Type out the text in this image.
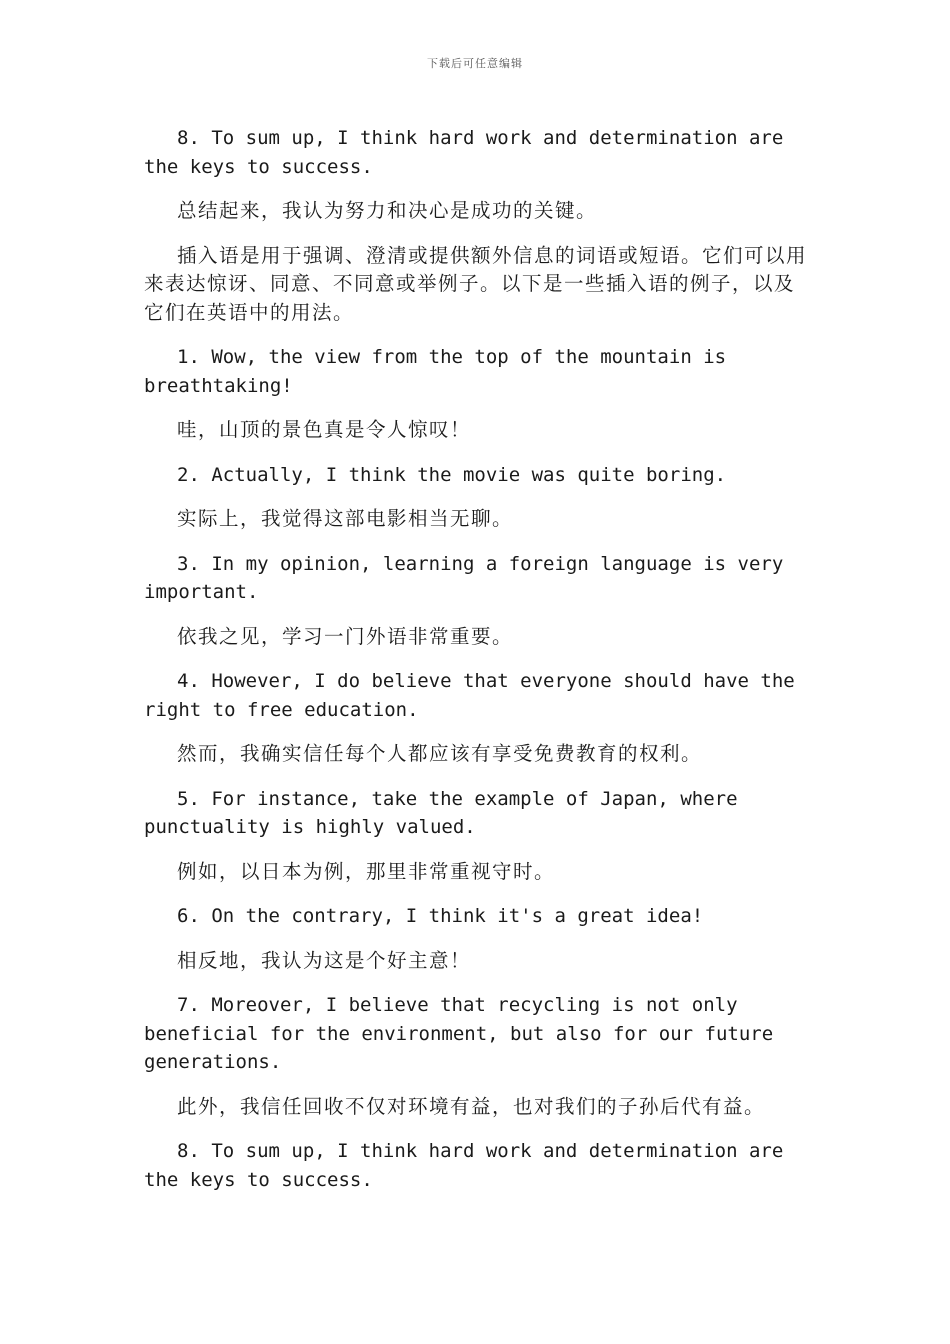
下载后可任意编辑

8. To sum up, I think hard work and determination are the keys to success.

总结起来，我认为努力和决心是成功的关键。

插入语是用于强调、澄清或提供额外信息的词语或短语。它们可以用来表达惊讶、同意、不同意或举例子。以下是一些插入语的例子，以及它们在英语中的用法。

1. Wow, the view from the top of the mountain is breathtaking!

哇，山顶的景色真是令人惊叹！

2. Actually, I think the movie was quite boring.

实际上，我觉得这部电影相当无聊。

3. In my opinion, learning a foreign language is very important.

依我之见，学习一门外语非常重要。

4. However, I do believe that everyone should have the right to free education.

然而，我确实信任每个人都应该有享受免费教育的权利。

5. For instance, take the example of Japan, where punctuality is highly valued.

例如，以日本为例，那里非常重视守时。

6. On the contrary, I think it's a great idea!

相反地，我认为这是个好主意！

7. Moreover, I believe that recycling is not only beneficial for the environment, but also for our future generations.

此外，我信任回收不仅对环境有益，也对我们的子孙后代有益。

8. To sum up, I think hard work and determination are the keys to success.
